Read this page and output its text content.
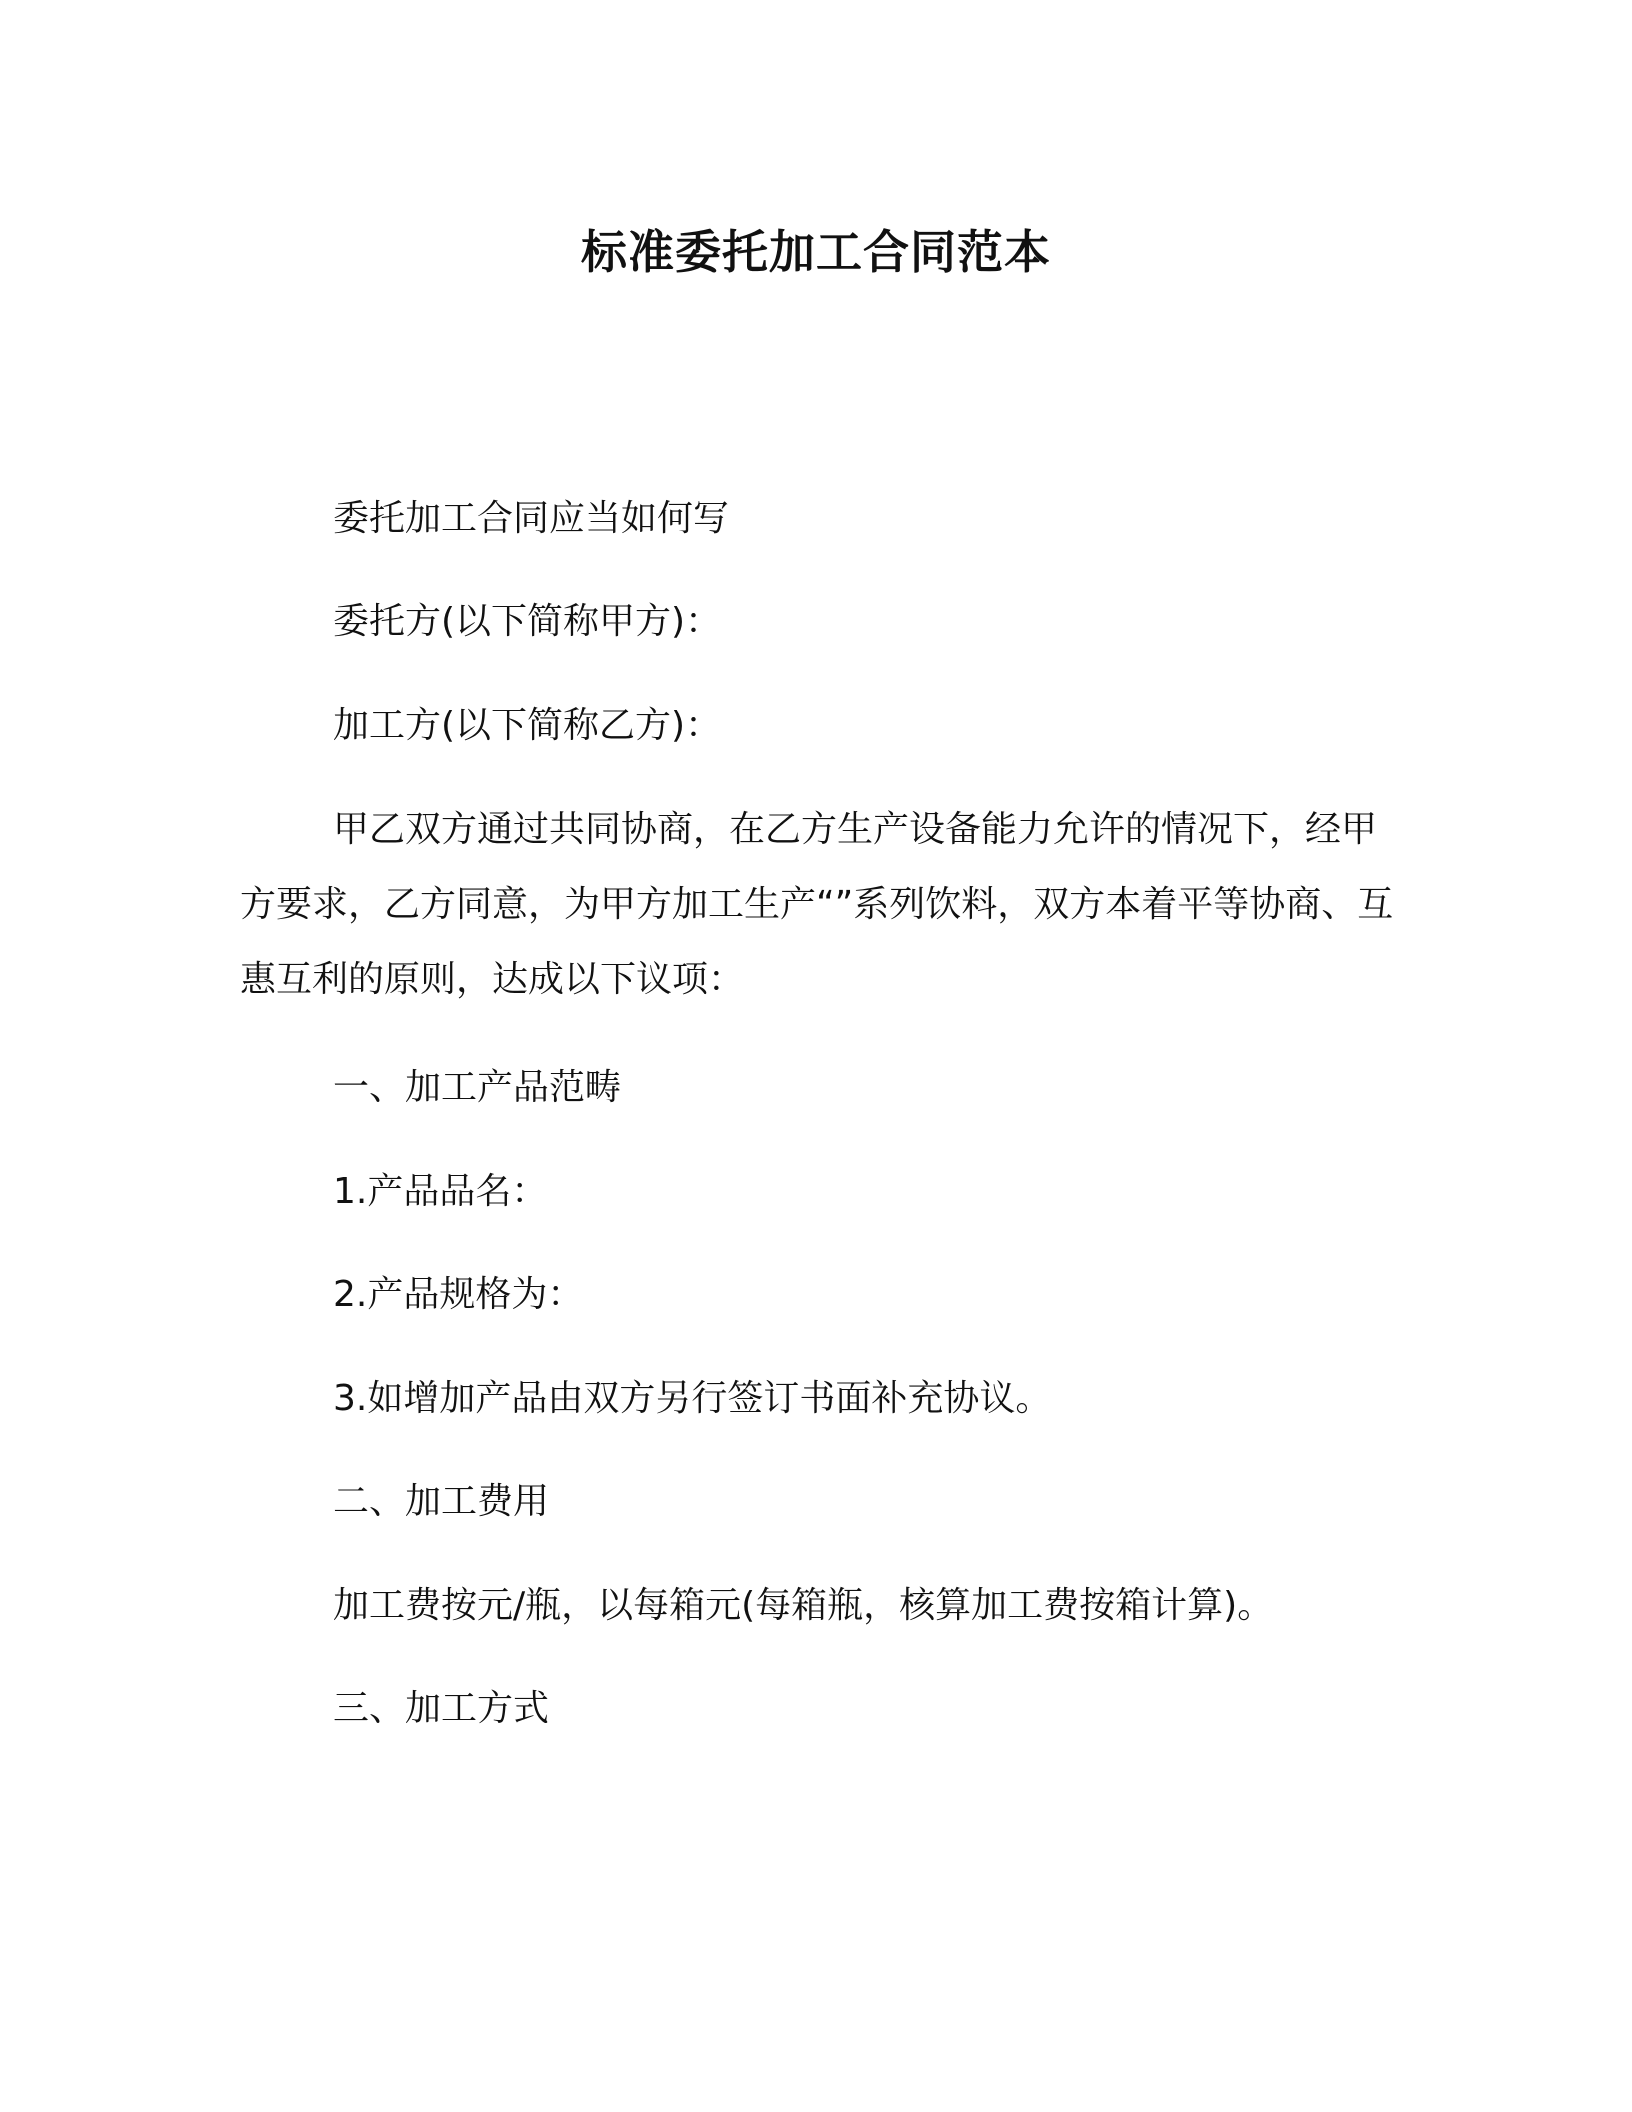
标准委托加工合同范本
委托加工合同应当如何写
委托方(以下简称甲方)：
加工方(以下简称乙方)：
甲乙双方通过共同协商，在乙方生产设备能力允许的情况下，经甲方要求，乙方同意，为甲方加工生产“”系列饮料，双方本着平等协商、互惠互利的原则，达成以下议项：
一、加工产品范畴
1.产品品名：
2.产品规格为：
3.如增加产品由双方另行签订书面补充协议。
二、加工费用
加工费按元/瓶，以每箱元(每箱瓶，核算加工费按箱计算)。
三、加工方式
